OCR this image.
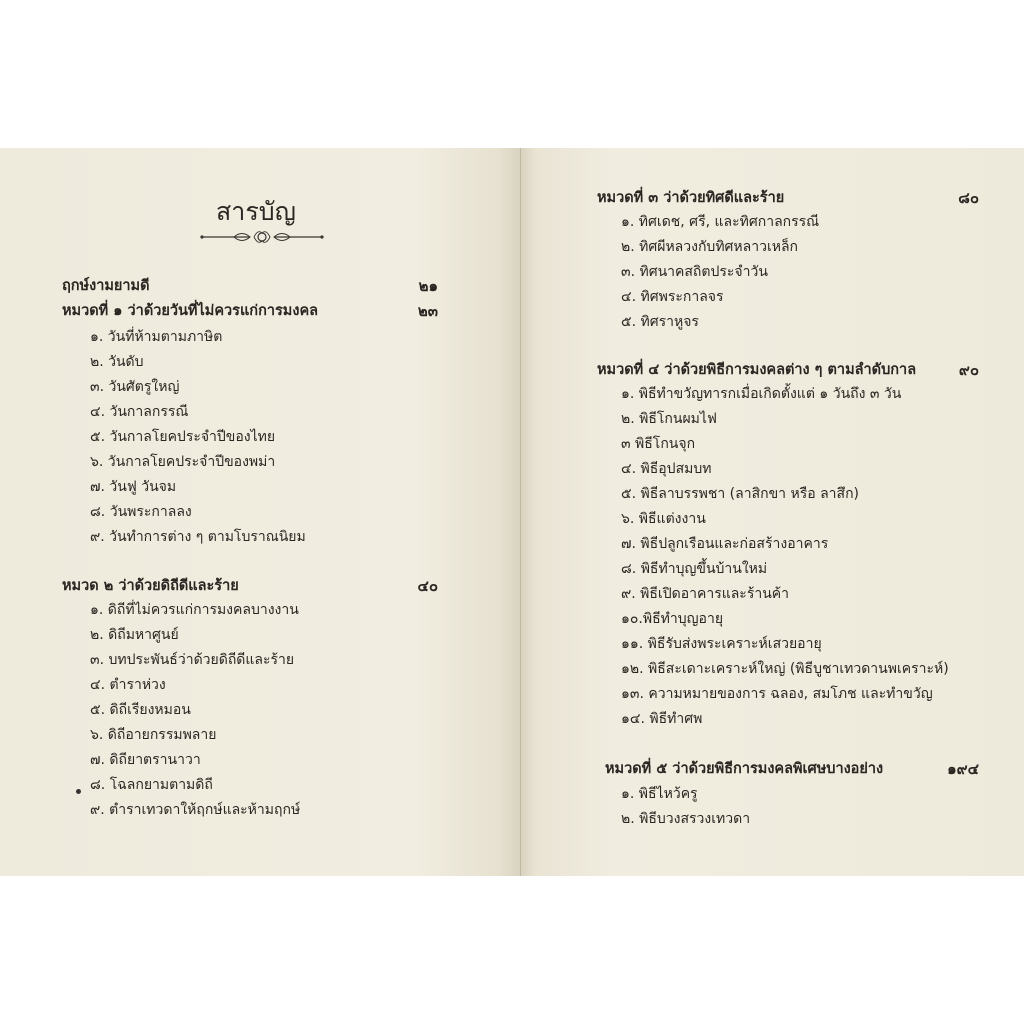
สารบัญ
ฤกษ์งามยามดี	๒๑
หมวดที่ ๑ ว่าด้วยวันที่ไม่ควรแก่การมงคล	๒๓
๑. วันที่ห้ามตามภาษิต
๒. วันดับ
๓. วันศัตรูใหญ่
๔. วันกาลกรรณี
๕. วันกาลโยคประจำปีของไทย
๖. วันกาลโยคประจำปีของพม่า
๗. วันฟู วันจม
๘. วันพระกาลลง
๙. วันทำการต่าง ๆ ตามโบราณนิยม
หมวด ๒ ว่าด้วยดิถีดีและร้าย	๔๐
๑. ดิถีที่ไม่ควรแก่การมงคลบางงาน
๒. ดิถีมหาศูนย์
๓. บทประพันธ์ว่าด้วยดิถีดีและร้าย
๔. ตำราห่วง
๕. ดิถีเรียงหมอน
๖. ดิถีอายกรรมพลาย
๗. ดิถียาตรานาวา
๘. โฉลกยามตามดิถี
๙. ตำราเทวดาให้ฤกษ์และห้ามฤกษ์
หมวดที่ ๓ ว่าด้วยทิศดีและร้าย	๘๐
๑. ทิศเดช, ศรี, และทิศกาลกรรณี
๒. ทิศผีหลวงกับทิศหลาวเหล็ก
๓. ทิศนาคสถิตประจำวัน
๔. ทิศพระกาลจร
๕. ทิศราหูจร
หมวดที่ ๔ ว่าด้วยพิธีการมงคลต่าง ๆ ตามลำดับกาล	๙๐
๑. พิธีทำขวัญทารกเมื่อเกิดตั้งแต่ ๑ วันถึง ๓ วัน
๒. พิธีโกนผมไฟ
๓ พิธีโกนจุก
๔. พิธีอุปสมบท
๕. พิธีลาบรรพชา (ลาสิกขา หรือ ลาสึก)
๖. พิธีแต่งงาน
๗. พิธีปลูกเรือนและก่อสร้างอาคาร
๘. พิธีทำบุญขึ้นบ้านใหม่
๙. พิธีเปิดอาคารและร้านค้า
๑๐.พิธีทำบุญอายุ
๑๑. พิธีรับส่งพระเคราะห์เสวยอายุ
๑๒. พิธีสะเดาะเคราะห์ใหญ่ (พิธีบูชาเทวดานพเคราะห์)
๑๓. ความหมายของการ ฉลอง, สมโภช และทำขวัญ
๑๔. พิธีทำศพ
หมวดที่ ๕ ว่าด้วยพิธีการมงคลพิเศษบางอย่าง	๑๙๔
๑. พิธีไหว้ครู
๒. พิธีบวงสรวงเทวดา
